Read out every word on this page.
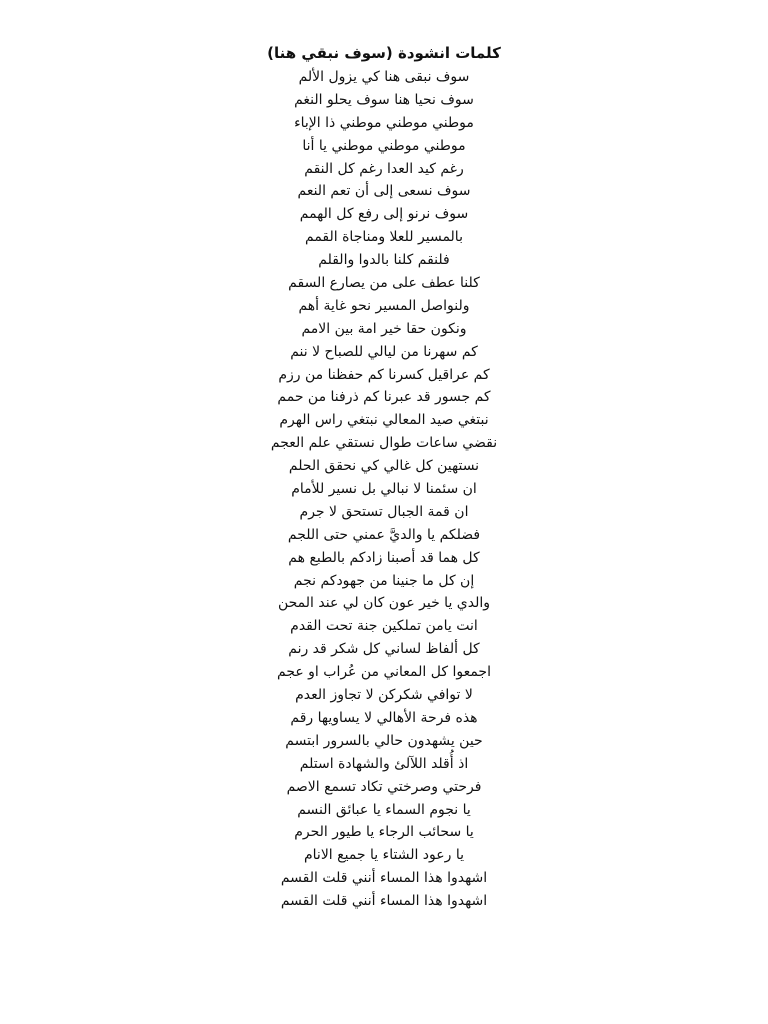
كلمات انشودة (سوف نبقي هنا)
سوف نبقى هنا كي يزول الألم
سوف نحيا هنا سوف يحلو النغم
موطني موطني موطني ذا الإباء
موطني موطني موطني يا أنا
رغم كيد العدا رغم كل النقم
سوف نسعى إلى أن تعم النعم
سوف نرنو إلى رفع كل الهمم
بالمسير للعلا ومناجاة القمم
فلنقم كلنا بالدوا والقلم
كلنا عطف على من يصارع السقم
ولنواصل المسير نحو غاية أهم
ونكون حقا خير امة بين الامم
كم سهرنا من ليالي للصباح لا ننم
كم عراقيل كسرنا كم حفظنا من رزم
كم جسور قد عبرنا كم ذرفنا من حمم
نبتغي صيد المعالي نبتغي راس الهرم
نقضي ساعات طوال نستقي علم العجم
نستهين كل غالي كي نحقق الحلم
ان سئمنا لا نبالي بل نسير للأمام
ان قمة الجبال تستحق لا جرم
فضلكم يا والديَّ عمني حتى اللجم
كل هما قد أصبنا زادكم بالطبع هم
إن كل ما جنينا من جهودكم نجم
والدي يا خير عون كان لي عند المحن
انت يامن تملكين جنة تحت القدم
كل ألفاظ لساني كل شكر قد رنم
اجمعوا كل المعاني من عُراب او عجم
لا توافي شكركن لا تجاوز العدم
هذه فرحة الأهالي لا يساويها رقم
حين يشهدون حالي بالسرور ابتسم
اذ أُقلد اللآلئ والشهادة استلم
فرحتي وصرختي تكاد تسمع الاصم
يا نجوم السماء يا عبائق النسم
يا سحائب الرجاء يا طيور الحرم
يا رعود الشتاء يا جميع الانام
اشهدوا هذا المساء أنني قلت القسم
اشهدوا هذا المساء أنني قلت القسم
